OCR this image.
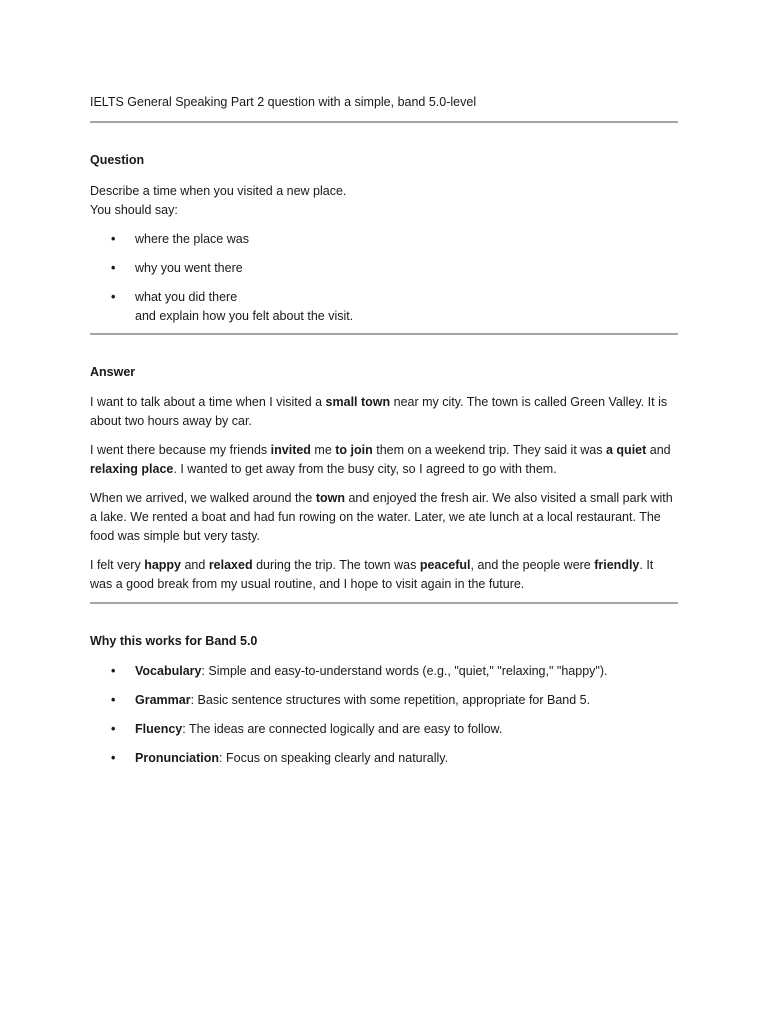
IELTS General Speaking Part 2 question with a simple, band 5.0-level

Question

Describe a time when you visited a new place.

You should say:

• where the place was
• why you went there
• what you did there
and explain how you felt about the visit.

Answer

I want to talk about a time when I visited a small town near my city. The town is called Green Valley. It is about two hours away by car.

I went there because my friends invited me to join them on a weekend trip. They said it was a quiet and relaxing place. I wanted to get away from the busy city, so I agreed to go with them.

When we arrived, we walked around the town and enjoyed the fresh air. We also visited a small park with a lake. We rented a boat and had fun rowing on the water. Later, we ate lunch at a local restaurant. The food was simple but very tasty.

I felt very happy and relaxed during the trip. The town was peaceful, and the people were friendly. It was a good break from my usual routine, and I hope to visit again in the future.

Why this works for Band 5.0

• Vocabulary: Simple and easy-to-understand words (e.g., "quiet," "relaxing," "happy").
• Grammar: Basic sentence structures with some repetition, appropriate for Band 5.
• Fluency: The ideas are connected logically and are easy to follow.
• Pronunciation: Focus on speaking clearly and naturally.
